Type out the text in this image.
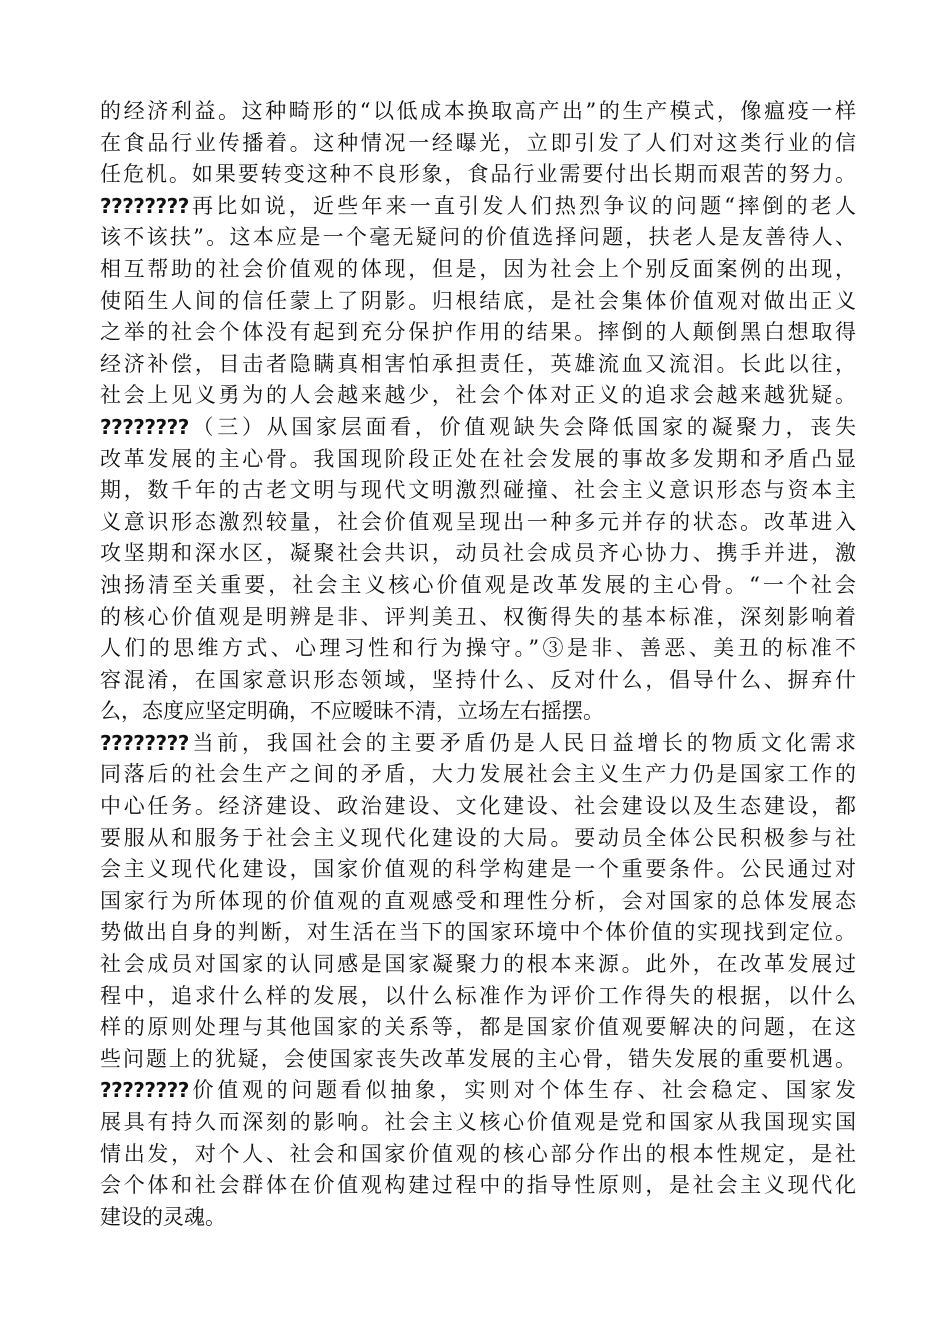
的经济利益。这种畸形的“以低成本换取高产出”的生产模式，像瘟疫一样
在食品行业传播着。这种情况一经曝光，立即引发了人们对这类行业的信
任危机。如果要转变这种不良形象，食品行业需要付出长期而艰苦的努力。
????????再比如说，近些年来一直引发人们热烈争议的问题“摔倒的老人
该不该扶”。这本应是一个毫无疑问的价值选择问题，扶老人是友善待人、
相互帮助的社会价值观的体现，但是，因为社会上个别反面案例的出现，
使陌生人间的信任蒙上了阴影。归根结底，是社会集体价值观对做出正义
之举的社会个体没有起到充分保护作用的结果。摔倒的人颠倒黑白想取得
经济补偿，目击者隐瞒真相害怕承担责任，英雄流血又流泪。长此以往，
社会上见义勇为的人会越来越少，社会个体对正义的追求会越来越犹疑。
????????（三）从国家层面看，价值观缺失会降低国家的凝聚力，丧失
改革发展的主心骨。我国现阶段正处在社会发展的事故多发期和矛盾凸显
期，数千年的古老文明与现代文明激烈碰撞、社会主义意识形态与资本主
义意识形态激烈较量，社会价值观呈现出一种多元并存的状态。改革进入
攻坚期和深水区，凝聚社会共识，动员社会成员齐心协力、携手并进，激
浊扬清至关重要，社会主义核心价值观是改革发展的主心骨。“一个社会
的核心价值观是明辨是非、评判美丑、权衡得失的基本标准，深刻影响着
人们的思维方式、心理习性和行为操守。”③是非、善恶、美丑的标准不
容混淆，在国家意识形态领域，坚持什么、反对什么，倡导什么、摒弃什
么，态度应坚定明确，不应暧昧不清，立场左右摇摆。
????????当前，我国社会的主要矛盾仍是人民日益增长的物质文化需求
同落后的社会生产之间的矛盾，大力发展社会主义生产力仍是国家工作的
中心任务。经济建设、政治建设、文化建设、社会建设以及生态建设，都
要服从和服务于社会主义现代化建设的大局。要动员全体公民积极参与社
会主义现代化建设，国家价值观的科学构建是一个重要条件。公民通过对
国家行为所体现的价值观的直观感受和理性分析，会对国家的总体发展态
势做出自身的判断，对生活在当下的国家环境中个体价值的实现找到定位。
社会成员对国家的认同感是国家凝聚力的根本来源。此外，在改革发展过
程中，追求什么样的发展，以什么标准作为评价工作得失的根据，以什么
样的原则处理与其他国家的关系等，都是国家价值观要解决的问题，在这
些问题上的犹疑，会使国家丧失改革发展的主心骨，错失发展的重要机遇。
????????价值观的问题看似抽象，实则对个体生存、社会稳定、国家发
展具有持久而深刻的影响。社会主义核心价值观是党和国家从我国现实国
情出发，对个人、社会和国家价值观的核心部分作出的根本性规定，是社
会个体和社会群体在价值观构建过程中的指导性原则，是社会主义现代化
建设的灵魂。
